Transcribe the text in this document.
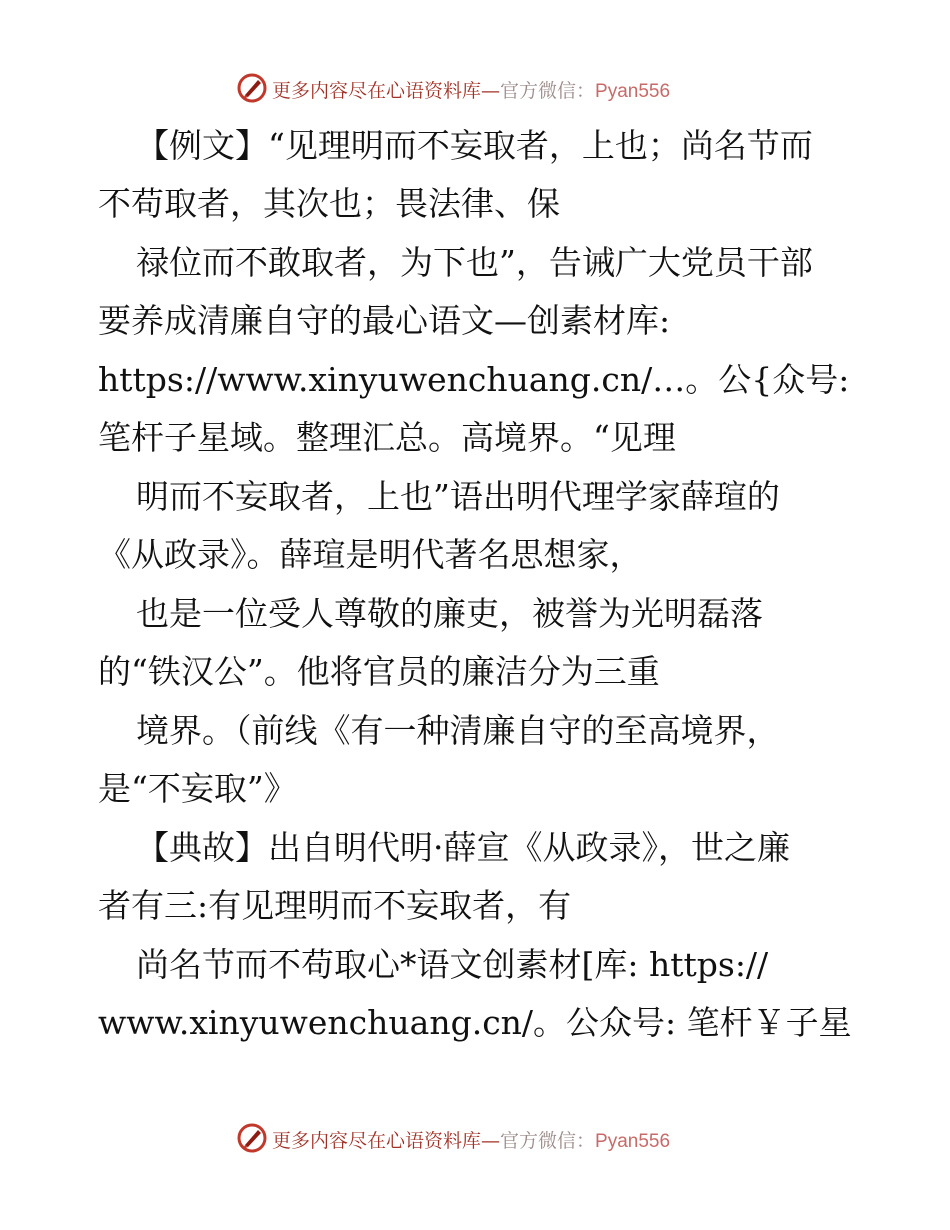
更多内容尽在心语资料库—官方微信：Pyan556
【例文】“见理明而不妄取者，上也；尚名节而
不苟取者，其次也；畏法律、保
禄位而不敢取者，为下也”，告诫广大党员干部
要养成清廉自守的最心语文—创素材库:
https://www.xinyuwenchuang.cn/…。公{众号:
笔杆子星域。整理汇总。高境界。“见理
明而不妄取者，上也”语出明代理学家薛瑄的
《从政录》。薛瑄是明代著名思想家，
也是一位受人尊敬的廉吏，被誉为光明磊落
的“铁汉公”。他将官员的廉洁分为三重
境界。（前线《有一种清廉自守的至高境界，
是“不妄取”》
【典故】出自明代明·薛宣《从政录》，世之廉
者有三:有见理明而不妄取者，有
尚名节而不苟取心*语文创素材[库: https://
www.xinyuwenchuang.cn/。公众号: 笔杆￥子星
更多内容尽在心语资料库—官方微信：Pyan556
